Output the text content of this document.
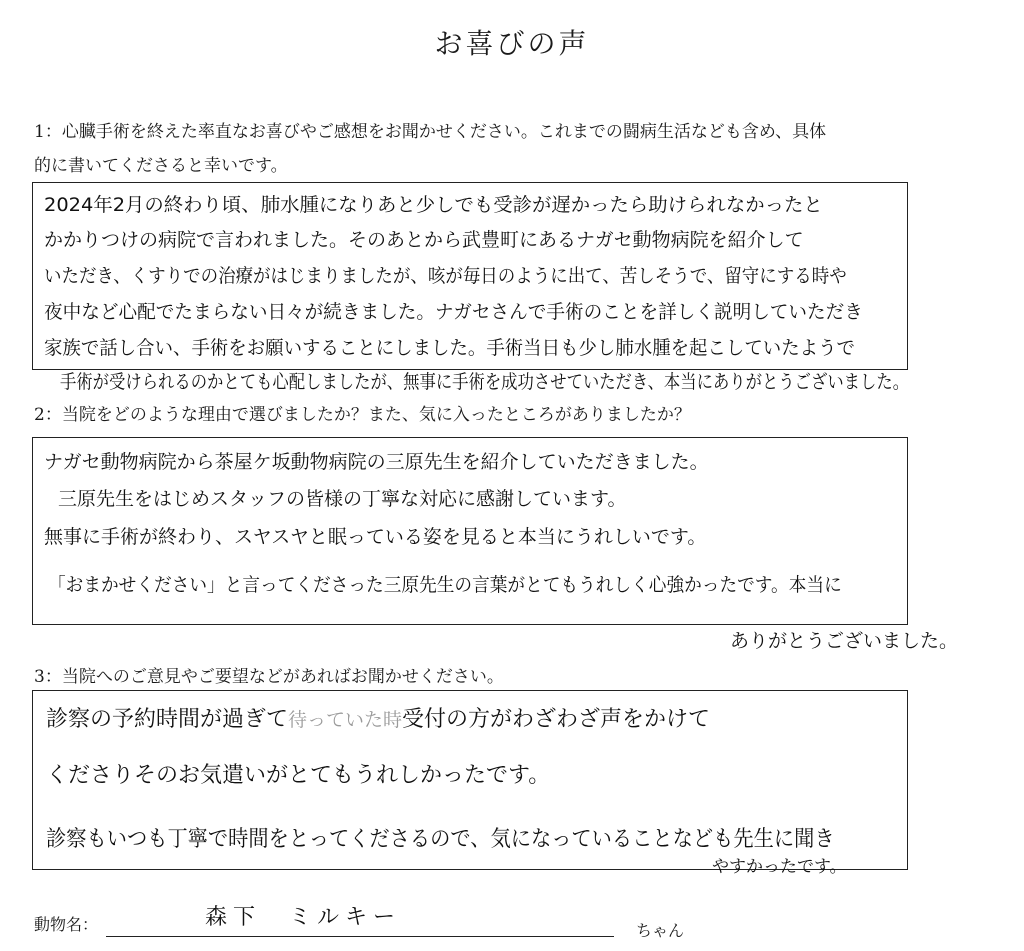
お喜びの声
1：心臓手術を終えた率直なお喜びやご感想をお聞かせください。これまでの闘病生活なども含め、具体
的に書いてくださると幸いです。
2024年2月の終わり頃、肺水腫になりあと少しでも受診が遅かったら助けられなかったと
かかりつけの病院で言われました。そのあとから武豊町にあるナガセ動物病院を紹介して
いただき、くすりでの治療がはじまりましたが、咳が毎日のように出て、苦しそうで、留守にする時や
夜中など心配でたまらない日々が続きました。ナガセさんで手術のことを詳しく説明していただき
家族で話し合い、手術をお願いすることにしました。手術当日も少し肺水腫を起こしていたようで
手術が受けられるのかとても心配しましたが、無事に手術を成功させていただき、本当にありがとうございました。
2：当院をどのような理由で選びましたか？また、気に入ったところがありましたか？
ナガセ動物病院から茶屋ケ坂動物病院の三原先生を紹介していただきました。
三原先生をはじめスタッフの皆様の丁寧な対応に感謝しています。
無事に手術が終わり、スヤスヤと眠っている姿を見ると本当にうれしいです。
「おまかせください」と言ってくださった三原先生の言葉がとてもうれしく心強かったです。本当に
ありがとうございました。
3：当院へのご意見やご要望などがあればお聞かせください。
診察の予約時間が過ぎて待っていた時受付の方がわざわざ声をかけて
くださりそのお気遣いがとてもうれしかったです。
診察もいつも丁寧で時間をとってくださるので、気になっていることなども先生に聞き
やすかったです。
動物名：	森下　ミルキー
ちゃん
